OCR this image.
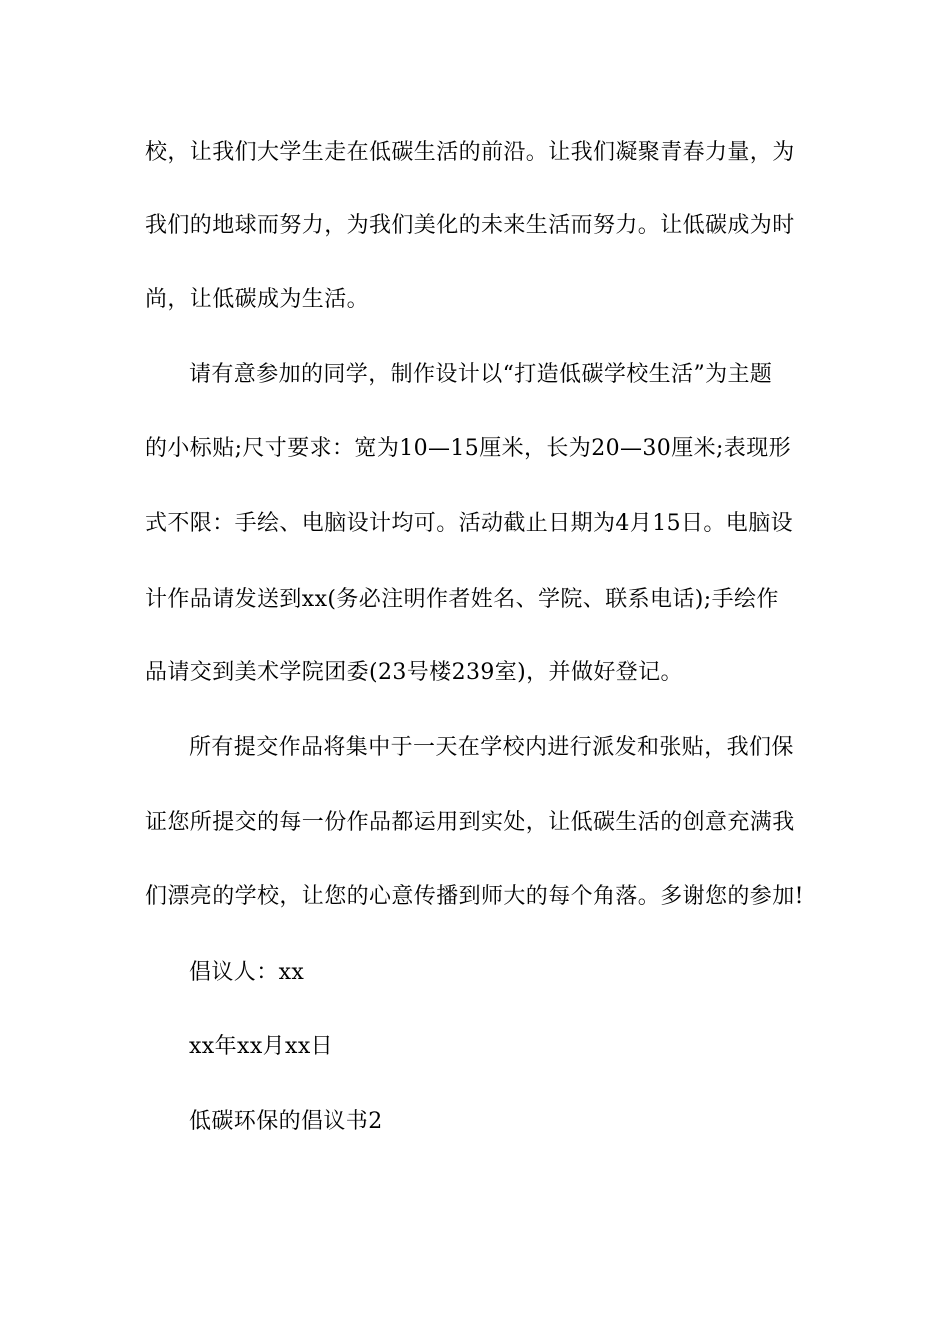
校，让我们大学生走在低碳生活的前沿。让我们凝聚青春力量，为
我们的地球而努力，为我们美化的未来生活而努力。让低碳成为时
尚，让低碳成为生活。
请有意参加的同学，制作设计以“打造低碳学校生活”为主题
的小标贴;尺寸要求：宽为10—15厘米，长为20—30厘米;表现形
式不限：手绘、电脑设计均可。活动截止日期为4月15日。电脑设
计作品请发送到xx(务必注明作者姓名、学院、联系电话);手绘作
品请交到美术学院团委(23号楼239室)，并做好登记。
所有提交作品将集中于一天在学校内进行派发和张贴，我们保
证您所提交的每一份作品都运用到实处，让低碳生活的创意充满我
们漂亮的学校，让您的心意传播到师大的每个角落。多谢您的参加!
倡议人：xx
xx年xx月xx日
低碳环保的倡议书2
